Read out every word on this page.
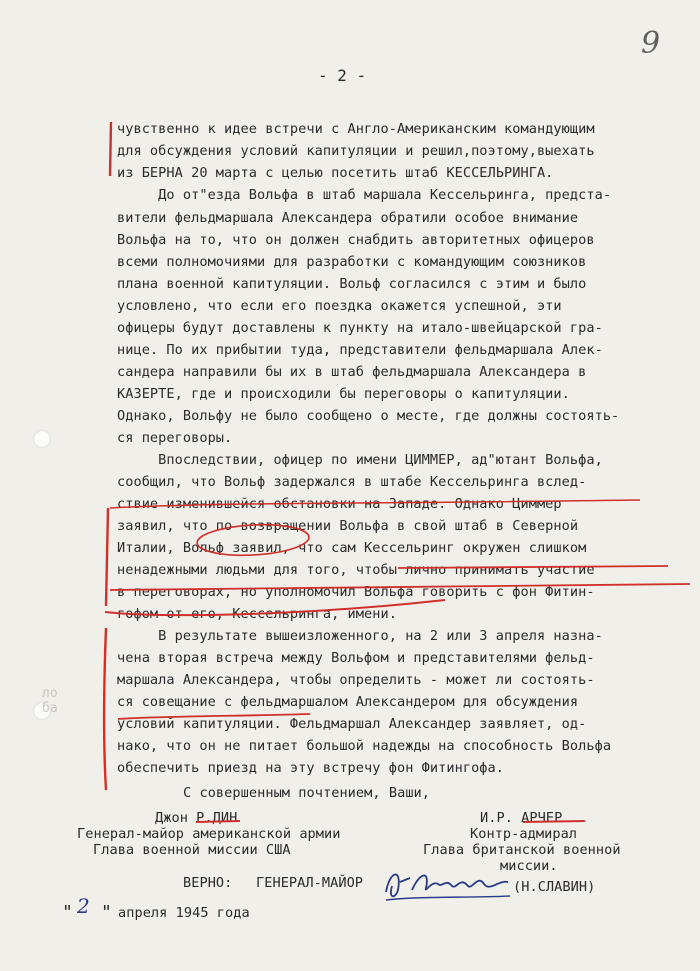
9
- 2 -
ло
ба
чувственно к идее встречи с Англо-Американским командующим
для обсуждения условий капитуляции и решил,поэтому,выехать
из БЕРНА 20 марта с целью посетить штаб КЕССЕЛЬРИНГА.
До от"езда Вольфа в штаб маршала Кессельринга, предста-
вители фельдмаршала Александера обратили особое внимание
Вольфа на то, что он должен снабдить авторитетных офицеров
всеми полномочиями для разработки с командующим союзников
плана военной капитуляции. Вольф согласился с этим и было
условлено, что если его поездка окажется успешной, эти
офицеры будут доставлены к пункту на итало-швейцарской гра-
нице. По их прибытии туда, представители фельдмаршала Алек-
сандера направили бы их в штаб фельдмаршала Александера в
КАЗЕРТЕ, где и происходили бы переговоры о капитуляции.
Однако, Вольфу не было сообщено о месте, где должны состоять-
ся переговоры.
Впоследствии, офицер по имени ЦИММЕР, ад"ютант Вольфа,
сообщил, что Вольф задержался в штабе Кессельринга вслед-
ствие изменившейся обстановки на Западе. Однако Циммер
заявил, что по возвращении Вольфа в свой штаб в Северной
Италии, Вольф заявил, что сам Кессельринг окружен слишком
ненадежными людьми для того, чтобы лично принимать участие
в переговорах, но уполномочил Вольфа говорить с фон Фитин-
гофом от его, Кессельринга, имени.
В результате вышеизложенного, на 2 или 3 апреля назна-
чена вторая встреча между Вольфом и представителями фельд-
маршала Александера, чтобы определить - может ли состоять-
ся совещание с фельдмаршалом Александером для обсуждения
условий капитуляции. Фельдмаршал Александер заявляет, од-
нако, что он не питает большой надежды на способность Вольфа
обеспечить приезд на эту встречу фон Фитингофа.
С совершенным почтением, Ваши,
Джон Р.ДИН
Генерал-майор американской армии
Глава военной миссии США
И.Р. АРЧЕР
Контр-адмирал
Глава британской военной
миссии.
ВЕРНО: ГЕНЕРАЛ-МАЙОР	(Н.СЛАВИН)
" 2 " апреля 1945 года
